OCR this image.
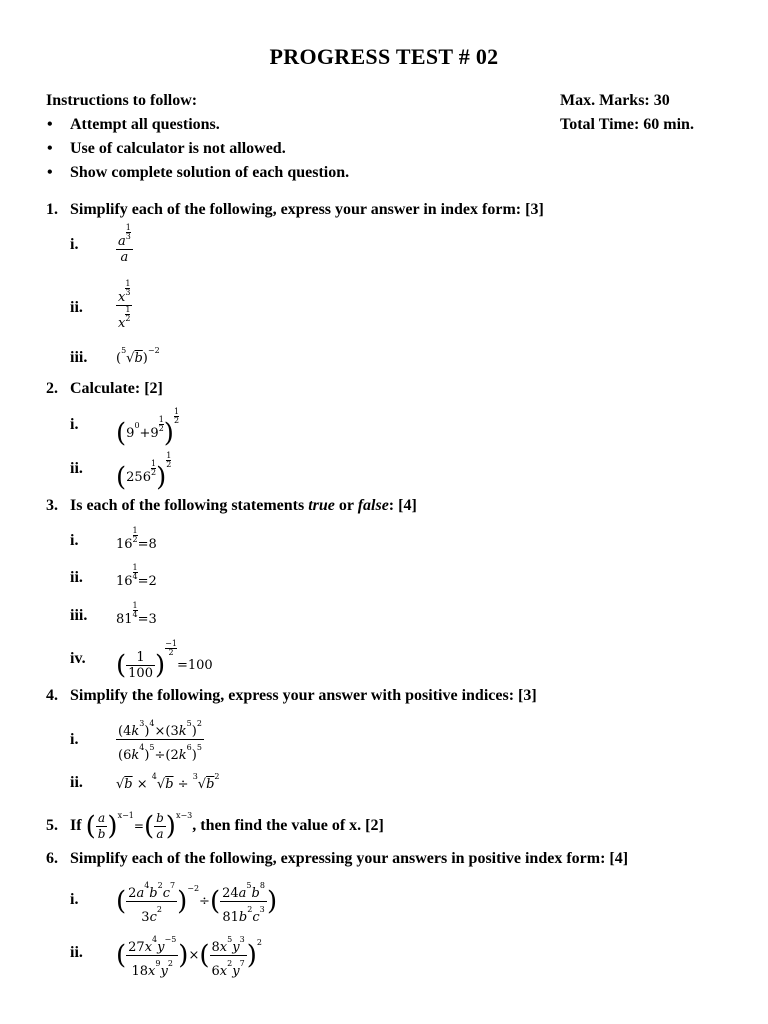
PROGRESS TEST # 02
Instructions to follow:
• Attempt all questions.
• Use of calculator is not allowed.
• Show complete solution of each question.
Max. Marks: 30
Total Time: 60 min.
1. Simplify each of the following, express your answer in index form: [3]
i.	a
$\frac{1}{3}$
a
ii.	x
$\frac{1}{3}$
x
$\frac{1}{2}$
iii. $(^5√b)^{-2}$
2. Calculate: [2]
i. ($9^0+9$
$\frac{1}{2}$ )
$\frac{1}{2}$
ii. (256
$\frac{1}{2}$ )
$\frac{1}{2}$
3. Is each of the following statements true or false: [4]
i.	16
$\frac{1}{2}$
=8
ii.	16
$\frac{1}{4}$
=2
iii. 81
$\frac{1}{4}$
=3
iv. ( $\frac{1}{100}$ )
$\frac{-1}{2}$
=100
4. Simplify the following, express your answer with positive indices: [3]
i.	$\frac{(4k^3)^4\times(3k^5)^2}{(6k^4)^5\div(2k^6)^5}$
ii.	$√b \times ^4√b \div ^3√b^2$
5. If ( $\frac{a}{b} )^{x-1}=( \frac{b}{a} )^{x-3}$, then find the value of x. [2]
6. Simplify each of the following, expressing your answers in positive index form: [4]
i. ( $\frac{2a^4b^2c^7}{3c^2} )^{-2}\div( \frac{24a^5b^8}{81b^2c^3}$ )
ii. ( $\frac{27x^4y^{-5}}{18x^9y^2}$ )×( $\frac{8x^5y^3}{6x^2y^7} )^2$
